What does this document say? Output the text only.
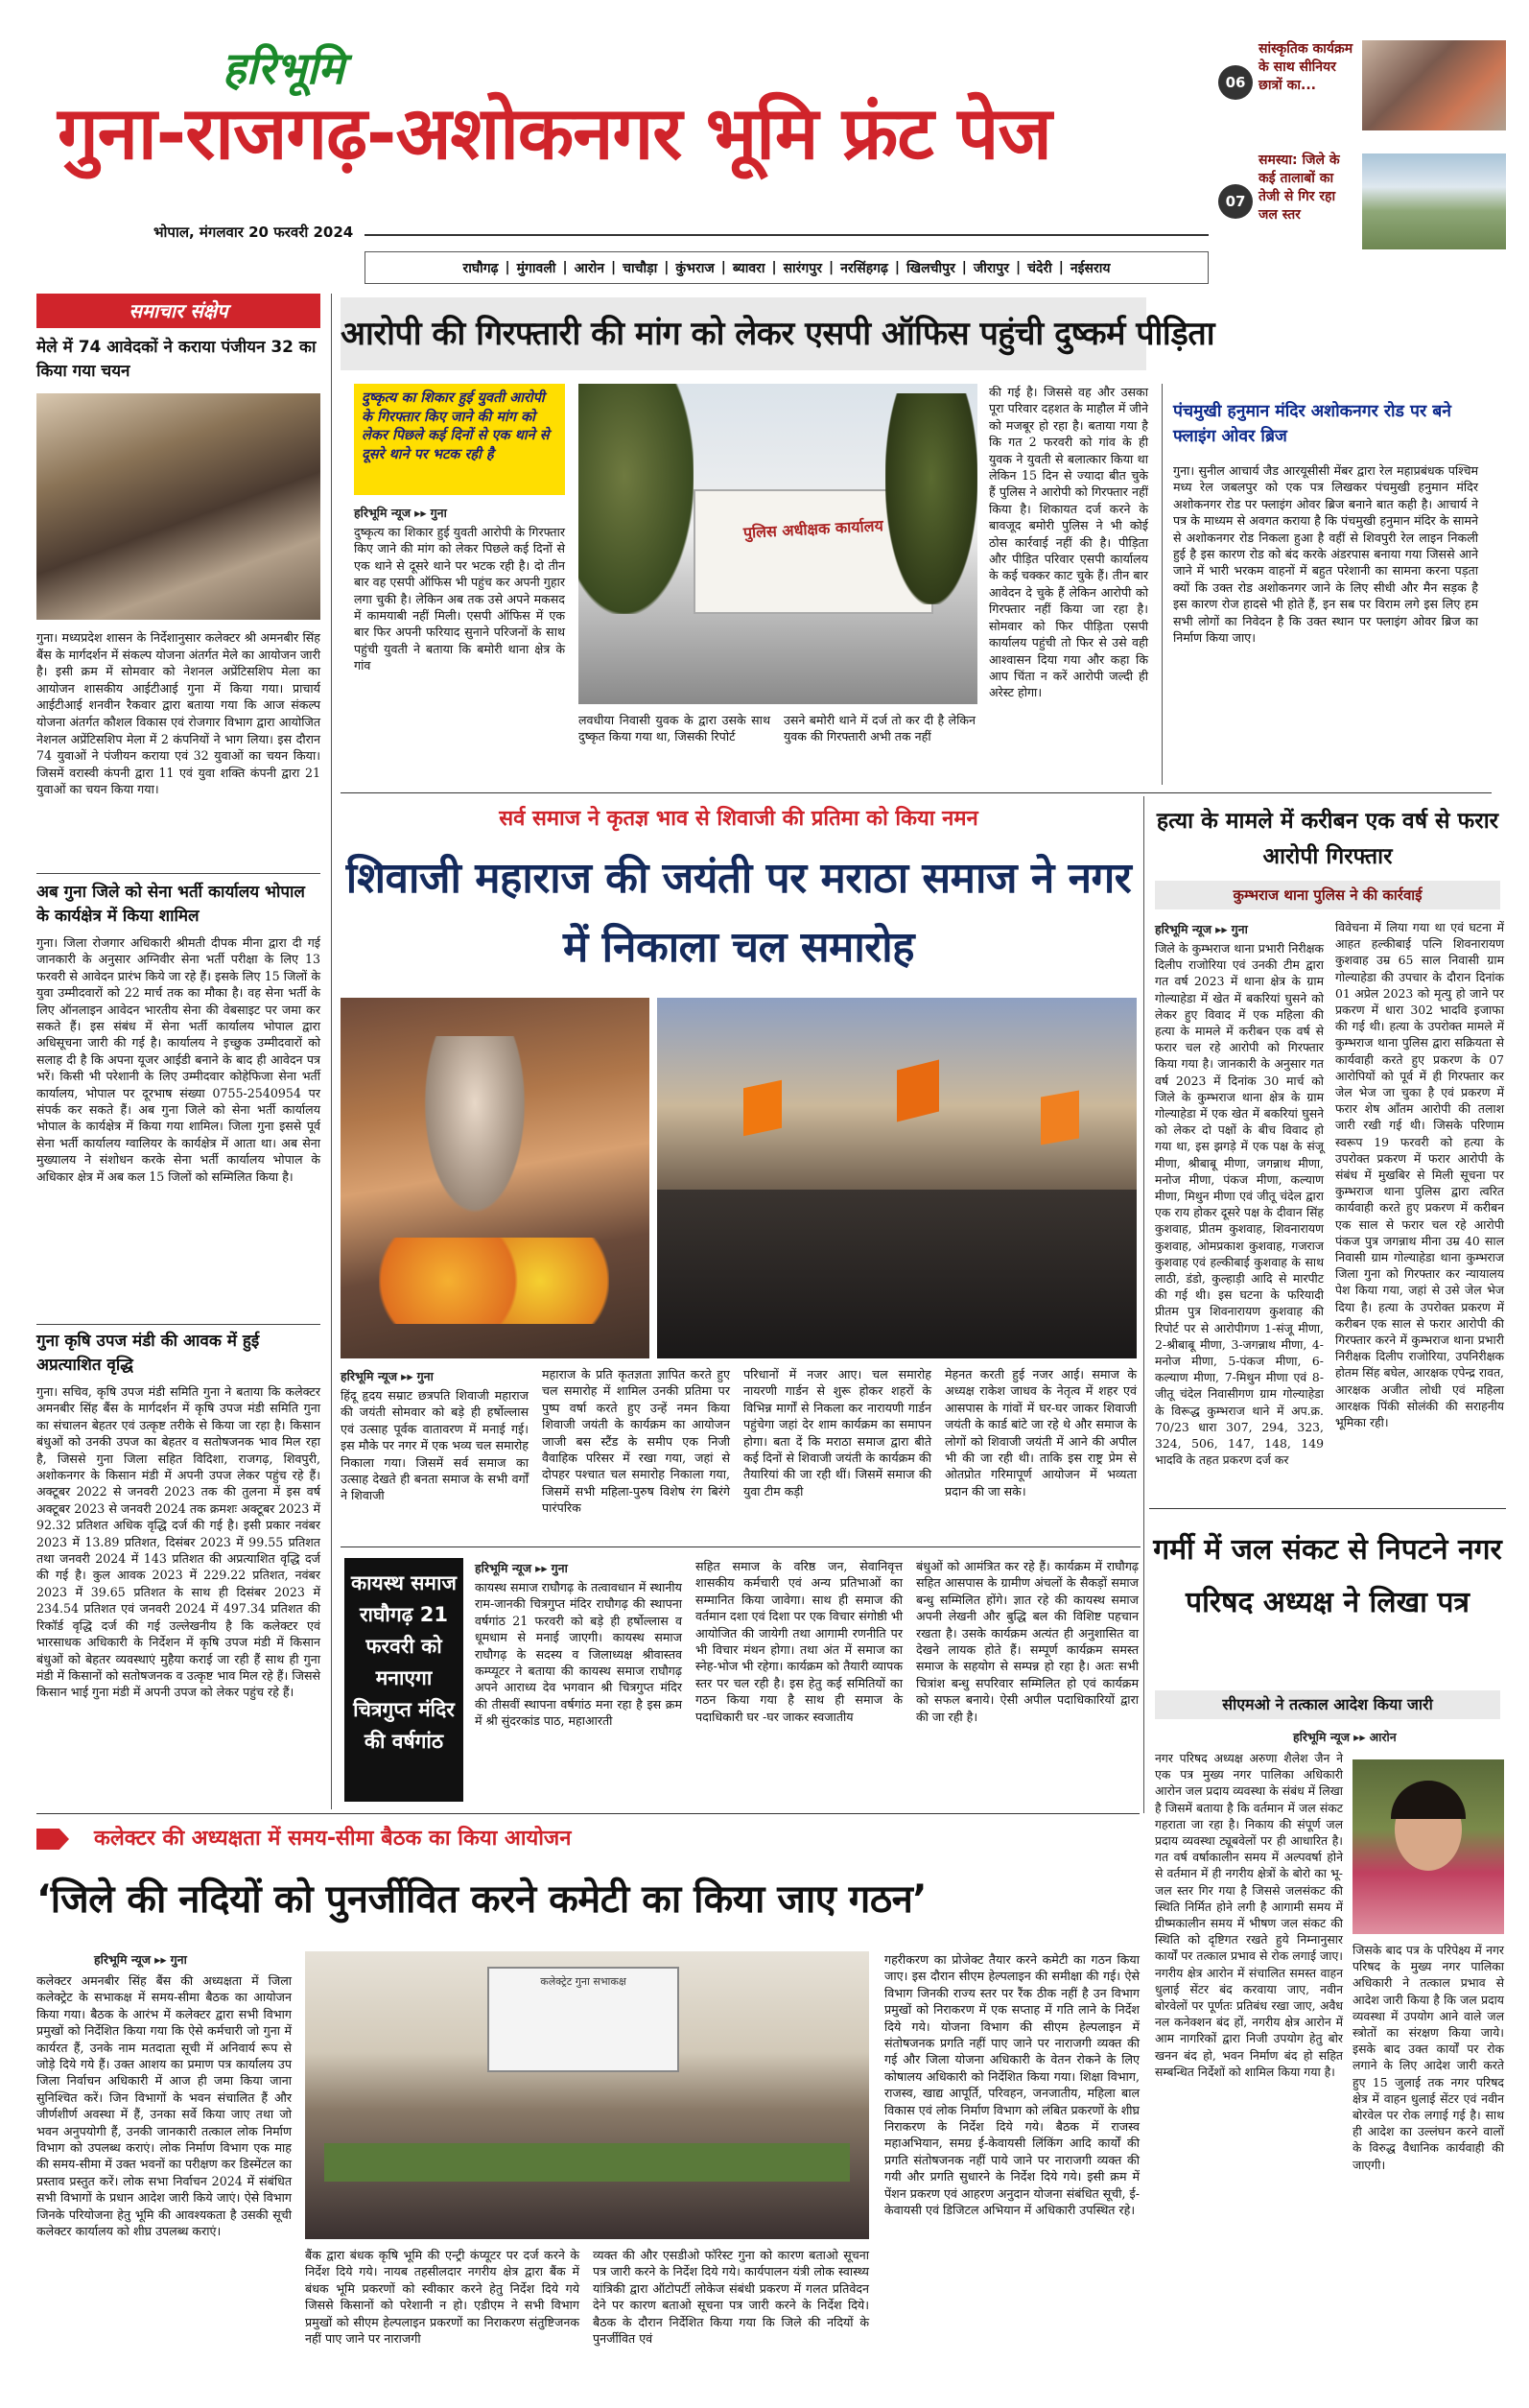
हरिभूमि
गुना-राजगढ़-अशोकनगर भूमि फ्रंट पेज
भोपाल, मंगलवार 20 फरवरी 2024
राघौगढ़ | मुंगावली | आरोन | चाचौड़ा | कुंभराज | ब्यावरा | सारंगपुर | नरसिंहगढ़ | खिलचीपुर | जीरापुर | चंदेरी | नईसराय
06
सांस्कृतिक कार्यक्रम के साथ सीनियर छात्रों का...
07
समस्या: जिले के कई तालाबों का तेजी से गिर रहा जल स्तर
समाचार संक्षेप
मेले में 74 आवेदकों ने कराया पंजीयन 32 का किया गया चयन
गुना। मध्यप्रदेश शासन के निर्देशानुसार कलेक्टर श्री अमनबीर सिंह बैंस के मार्गदर्शन में संकल्प योजना अंतर्गत मेले का आयोजन जारी है। इसी क्रम में सोमवार को नेशनल अप्रेंटिसशिप मेला का आयोजन शासकीय आईटीआई गुना में किया गया। प्राचार्य आईटीआई शनवीन रैकवार द्वारा बताया गया कि आज संकल्प योजना अंतर्गत कौशल विकास एवं रोजगार विभाग द्वारा आयोजित नेशनल अप्रेंटिसशिप मेला में 2 कंपनियों ने भाग लिया। इस दौरान 74 युवाओं ने पंजीयन कराया एवं 32 युवाओं का चयन किया। जिसमें वरास्वी कंपनी द्वारा 11 एवं युवा शक्ति कंपनी द्वारा 21 युवाओं का चयन किया गया।
अब गुना जिले को सेना भर्ती कार्यालय भोपाल के कार्यक्षेत्र में किया शामिल
गुना। जिला रोजगार अधिकारी श्रीमती दीपक मीना द्वारा दी गई जानकारी के अनुसार अग्निवीर सेना भर्ती परीक्षा के लिए 13 फरवरी से आवेदन प्रारंभ किये जा रहे हैं। इसके लिए 15 जिलों के युवा उम्मीदवारों को 22 मार्च तक का मौका है। वह सेना भर्ती के लिए ऑनलाइन आवेदन भारतीय सेना की वेबसाइट पर जमा कर सकते हैं। इस संबंध में सेना भर्ती कार्यालय भोपाल द्वारा अधिसूचना जारी की गई है। कार्यालय ने इच्छुक उम्मीदवारों को सलाह दी है कि अपना यूजर आईडी बनाने के बाद ही आवेदन पत्र भरें। किसी भी परेशानी के लिए उम्मीदवार कोहेफिजा सेना भर्ती कार्यालय, भोपाल पर दूरभाष संख्या 0755-2540954 पर संपर्क कर सकते हैं। अब गुना जिले को सेना भर्ती कार्यालय भोपाल के कार्यक्षेत्र में किया गया शामिल। जिला गुना इससे पूर्व सेना भर्ती कार्यालय ग्वालियर के कार्यक्षेत्र में आता था। अब सेना मुख्यालय ने संशोधन करके सेना भर्ती कार्यालय भोपाल के अधिकार क्षेत्र में अब कल 15 जिलों को सम्मिलित किया है।
गुना कृषि उपज मंडी की आवक में हुई अप्रत्याशित वृद्धि
गुना। सचिव, कृषि उपज मंडी समिति गुना ने बताया कि कलेक्टर अमनबीर सिंह बैंस के मार्गदर्शन में कृषि उपज मंडी समिति गुना का संचालन बेहतर एवं उत्कृष्ट तरीके से किया जा रहा है। किसान बंधुओं को उनकी उपज का बेहतर व सतोषजनक भाव मिल रहा है, जिससे गुना जिला सहित विदिशा, राजगढ़, शिवपुरी, अशोकनगर के किसान मंडी में अपनी उपज लेकर पहुंच रहे हैं। अक्टूबर 2022 से जनवरी 2023 तक की तुलना में इस वर्ष अक्टूबर 2023 से जनवरी 2024 तक क्रमशः अक्टूबर 2023 में 92.32 प्रतिशत अधिक वृद्धि दर्ज की गई है। इसी प्रकार नवंबर 2023 में 13.89 प्रतिशत, दिसंबर 2023 में 99.55 प्रतिशत तथा जनवरी 2024 में 143 प्रतिशत की अप्रत्याशित वृद्धि दर्ज की गई है। कुल आवक 2023 में 229.22 प्रतिशत, नवंबर 2023 में 39.65 प्रतिशत के साथ ही दिसंबर 2023 में 234.54 प्रतिशत एवं जनवरी 2024 में 497.34 प्रतिशत की रिकॉर्ड वृद्धि दर्ज की गई उल्लेखनीय है कि कलेक्टर एवं भारसाधक अधिकारी के निर्देशन में कृषि उपज मंडी में किसान बंधुओं को बेहतर व्यवस्थाएं मुहैया कराई जा रही हैं साथ ही गुना मंडी में किसानों को सतोषजनक व उत्कृष्ट भाव मिल रहे हैं। जिससे किसान भाई गुना मंडी में अपनी उपज को लेकर पहुंच रहे हैं।
आरोपी की गिरफ्तारी की मांग को लेकर एसपी ऑफिस पहुंची दुष्कर्म पीड़िता
दुष्कृत्य का शिकार हुई युवती आरोपी के गिरफ्तार किए जाने की मांग को लेकर पिछले कई दिनों से एक थाने से दूसरे थाने पर भटक रही है
हरिभूमि न्यूज ▸▸ गुना
दुष्कृत्य का शिकार हुई युवती आरोपी के गिरफ्तार किए जाने की मांग को लेकर पिछले कई दिनों से एक थाने से दूसरे थाने पर भटक रही है। दो तीन बार वह एसपी ऑफिस भी पहुंच कर अपनी गुहार लगा चुकी है। लेकिन अब तक उसे अपने मकसद में कामयाबी नहीं मिली। एसपी ऑफिस में एक बार फिर अपनी फरियाद सुनाने परिजनों के साथ पहुंची युवती ने बताया कि बमोरी थाना क्षेत्र के गांव
पुलिस अधीक्षक कार्यालय
लवधीया निवासी युवक के द्वारा उसके साथ दुष्कृत किया गया था, जिसकी रिपोर्ट
उसने बमोरी थाने में दर्ज तो कर दी है लेकिन युवक की गिरफ्तारी अभी तक नहीं
की गई है। जिससे वह और उसका पूरा परिवार दहशत के माहौल में जीने को मजबूर हो रहा है। बताया गया है कि गत 2 फरवरी को गांव के ही युवक ने युवती से बलात्कार किया था लेकिन 15 दिन से ज्यादा बीत चुके हैं पुलिस ने आरोपी को गिरफ्तार नहीं किया है। शिकायत दर्ज करने के बावजूद बमोरी पुलिस ने भी कोई ठोस कार्रवाई नहीं की है। पीड़िता और पीड़ित परिवार एसपी कार्यालय के कई चक्कर काट चुके हैं। तीन बार आवेदन दे चुके हैं लेकिन आरोपी को गिरफ्तार नहीं किया जा रहा है। सोमवार को फिर पीड़िता एसपी कार्यालय पहुंची तो फिर से उसे वही आश्वासन दिया गया और कहा कि आप चिंता न करें आरोपी जल्दी ही अरेस्ट होगा।
पंचमुखी हनुमान मंदिर अशोकनगर रोड पर बने फ्लाइंग ओवर ब्रिज
गुना। सुनील आचार्य जैड आरयूसीसी मेंबर द्वारा रेल महाप्रबंधक पश्चिम मध्य रेल जबलपुर को एक पत्र लिखकर पंचमुखी हनुमान मंदिर अशोकनगर रोड पर फ्लाइंग ओवर ब्रिज बनाने बात कही है। आचार्य ने पत्र के माध्यम से अवगत कराया है कि पंचमुखी हनुमान मंदिर के सामने से अशोकनगर रोड निकला हुआ है वहीं से शिवपुरी रेल लाइन निकली हुई है इस कारण रोड को बंद करके अंडरपास बनाया गया जिससे आने जाने में भारी भरकम वाहनों में बहुत परेशानी का सामना करना पड़ता क्यों कि उक्त रोड अशोकनगर जाने के लिए सीधी और मैन सड़क है इस कारण रोज हादसे भी होते हैं, इन सब पर विराम लगे इस लिए हम सभी लोगों का निवेदन है कि उक्त स्थान पर फ्लाइंग ओवर ब्रिज का निर्माण किया जाए।
सर्व समाज ने कृतज्ञ भाव से शिवाजी की प्रतिमा को किया नमन
शिवाजी महाराज की जयंती पर मराठा समाज ने नगर में निकाला चल समारोह
हरिभूमि न्यूज ▸▸ गुना
हिंदू हृदय सम्राट छत्रपति शिवाजी महाराज की जयंती सोमवार को बड़े ही हर्षोल्लास एवं उत्साह पूर्वक वातावरण में मनाई गई। इस मौके पर नगर में एक भव्य चल समारोह निकाला गया। जिसमें सर्व समाज का उत्साह देखते ही बनता समाज के सभी वर्गों ने शिवाजी
महाराज के प्रति कृतज्ञता ज्ञापित करते हुए चल समारोह में शामिल उनकी प्रतिमा पर पुष्प वर्षा करते हुए उन्हें नमन किया शिवाजी जयंती के कार्यक्रम का आयोजन जाजी बस स्टैंड के समीप एक निजी वैवाहिक परिसर में रखा गया, जहां से दोपहर पश्चात चल समारोह निकाला गया, जिसमें सभी महिला-पुरुष विशेष रंग बिरंगे पारंपरिक
परिधानों में नजर आए। चल समारोह नायरणी गार्डन से शुरू होकर शहरों के विभिन्न मार्गों से निकला कर नारायणी गार्डन पहुंचेगा जहां देर शाम कार्यक्रम का समापन होगा। बता दें कि मराठा समाज द्वारा बीते कई दिनों से शिवाजी जयंती के कार्यक्रम की तैयारियां की जा रही थीं। जिसमें समाज की युवा टीम कड़ी
मेहनत करती हुई नजर आई। समाज के अध्यक्ष राकेश जाधव के नेतृत्व में शहर एवं आसपास के गांवों में घर-घर जाकर शिवाजी जयंती के कार्ड बांटे जा रहे थे और समाज के लोगों को शिवाजी जयंती में आने की अपील भी की जा रही थी। ताकि इस राष्ट्र प्रेम से ओतप्रोत गरिमापूर्ण आयोजन में भव्यता प्रदान की जा सके।
हत्या के मामले में करीबन एक वर्ष से फरार आरोपी गिरफ्तार
कुम्भराज थाना पुलिस ने की कार्रवाई
हरिभूमि न्यूज ▸▸ गुना
जिले के कुम्भराज थाना प्रभारी निरीक्षक दिलीप राजोरिया एवं उनकी टीम द्वारा गत वर्ष 2023 में थाना क्षेत्र के ग्राम गोल्याहेडा में खेत में बकरियां घुसने को लेकर हुए विवाद में एक महिला की हत्या के मामले में करीबन एक वर्ष से फरार चल रहे आरोपी को गिरफ्तार किया गया है। जानकारी के अनुसार गत वर्ष 2023 में दिनांक 30 मार्च को जिले के कुम्भराज थाना क्षेत्र के ग्राम गोल्याहेडा में एक खेत में बकरियां घुसने को लेकर दो पक्षों के बीच विवाद हो गया था, इस झगड़े में एक पक्ष के संजू मीणा, श्रीबाबू मीणा, जगन्नाथ मीणा, मनोज मीणा, पंकज मीणा, कल्याण मीणा, मिथुन मीणा एवं जीतू चंदेल द्वारा एक राय होकर दूसरे पक्ष के दीवान सिंह कुशवाह, प्रीतम कुशवाह, शिवनारायण कुशवाह, ओमप्रकाश कुशवाह, गजराज कुशवाह एवं हल्कीबाई कुशवाह के साथ लाठी, डंडो, कुल्हाड़ी आदि से मारपीट की गई थी। इस घटना के फरियादी प्रीतम पुत्र शिवनारायण कुशवाह की रिपोर्ट पर से आरोपीगण 1-संजू मीणा, 2-श्रीबाबू मीणा, 3-जगन्नाथ मीणा, 4-मनोज मीणा, 5-पंकज मीणा, 6-कल्याण मीणा, 7-मिथुन मीणा एवं 8-जीतू चंदेल निवासीगण ग्राम गोल्याहेडा के विरूद्ध कुम्भराज थाने में अप.क्र. 70/23 धारा 307, 294, 323, 324, 506, 147, 148, 149 भादवि के तहत प्रकरण दर्ज कर
विवेचना में लिया गया था एवं घटना में आहत हल्कीबाई पत्नि शिवनारायण कुशवाह उम्र 65 साल निवासी ग्राम गोल्याहेडा की उपचार के दौरान दिनांक 01 अप्रेल 2023 को मृत्यु हो जाने पर प्रकरण में धारा 302 भादवि इजाफा की गई थी। हत्या के उपरोक्त मामले में कुम्भराज थाना पुलिस द्वारा सक्रियता से कार्यवाही करते हुए प्रकरण के 07 आरोपियों को पूर्व में ही गिरफ्तार कर जेल भेज जा चुका है एवं प्रकरण में फरार शेष आँतम आरोपी की तलाश जारी रखी गई थी। जिसके परिणाम स्वरूप 19 फरवरी को हत्या के उपरोक्त प्रकरण में फरार आरोपी के संबंध में मुखबिर से मिली सूचना पर कुम्भराज थाना पुलिस द्वारा त्वरित कार्यवाही करते हुए प्रकरण में करीबन एक साल से फरार चल रहे आरोपी पंकज पुत्र जगन्नाथ मीना उम्र 40 साल निवासी ग्राम गोल्याहेडा थाना कुम्भराज जिला गुना को गिरफ्तार कर न्यायालय पेश किया गया, जहां से उसे जेल भेज दिया है। हत्या के उपरोक्त प्रकरण में करीबन एक साल से फरार आरोपी की गिरफ्तार करने में कुम्भराज थाना प्रभारी निरीक्षक दिलीप राजोरिया, उपनिरीक्षक होतम सिंह बघेल, आरक्षक एपेन्द्र रावत, आरक्षक अजीत लोधी एवं महिला आरक्षक पिंकी सोलंकी की सराहनीय भूमिका रही।
कायस्थ समाज राघौगढ़ 21 फरवरी को मनाएगा चित्रगुप्त मंदिर की वर्षगांठ
हरिभूमि न्यूज ▸▸ गुना
कायस्थ समाज राघौगढ़ के तत्वावधान में स्थानीय राम-जानकी चित्रगुप्त मंदिर राघौगढ़ की स्थापना वर्षगांठ 21 फरवरी को बड़े ही हर्षोल्लास व धूमधाम से मनाई जाएगी। कायस्थ समाज राघौगढ़ के सदस्य व जिलाध्यक्ष श्रीवास्तव कम्प्यूटर ने बताया की कायस्थ समाज राघौगढ़ अपने आराध्य देव भगवान श्री चित्रगुप्त मंदिर की तीसवीं स्थापना वर्षगांठ मना रहा है इस क्रम में श्री सुंदरकांड पाठ, महाआरती
सहित समाज के वरिष्ठ जन, सेवानिवृत्त शासकीय कर्मचारी एवं अन्य प्रतिभाओं का सम्मानित किया जावेगा। साथ ही समाज की वर्तमान दशा एवं दिशा पर एक विचार संगोष्ठी भी आयोजित की जायेगी तथा आगामी रणनीति पर भी विचार मंथन होगा। तथा अंत में समाज का स्नेह-भोज भी रहेगा। कार्यक्रम को तैयारी व्यापक स्तर पर चल रही है। इस हेतु कई समितियों का गठन किया गया है साथ ही समाज के पदाधिकारी घर -घर जाकर स्वजातीय
बंधुओं को आमंत्रित कर रहे हैं। कार्यक्रम में राघौगढ़ सहित आसपास के ग्रामीण अंचलों के सैकड़ों समाज बन्धु सम्मिलित होंगे। ज्ञात रहे की कायस्थ समाज अपनी लेखनी और बुद्धि बल की विशिष्ट पहचान रखता है। उसके कार्यक्रम अत्यंत ही अनुशासित वा देखने लायक होते हैं। सम्पूर्ण कार्यक्रम समस्त समाज के सहयोग से सम्पन्न हो रहा है। अतः सभी चित्रांश बन्धु सपरिवार सम्मिलित हो एवं कार्यक्रम को सफल बनाये। ऐसी अपील पदाधिकारियों द्वारा की जा रही है।
गर्मी में जल संकट से निपटने नगर परिषद अध्यक्ष ने लिखा पत्र
सीएमओ ने तत्काल आदेश किया जारी
हरिभूमि न्यूज ▸▸ आरोन
नगर परिषद अध्यक्ष अरुणा शैलेश जैन ने एक पत्र मुख्य नगर पालिका अधिकारी आरोन जल प्रदाय व्यवस्था के संबंध में लिखा है जिसमें बताया है कि वर्तमान में जल संकट गहराता जा रहा है। निकाय की संपूर्ण जल प्रदाय व्यवस्था ट्यूबवेलों पर ही आधारित है। गत वर्ष वर्षाकालीन समय में अल्पवर्षा होने से वर्तमान में ही नगरीय क्षेत्रों के बोरो का भू-जल स्तर गिर गया है जिससे जलसंकट की स्थिति निर्मित होने लगी है आगामी समय में ग्रीष्मकालीन समय में भीषण जल संकट की स्थिति को दृष्टिगत रखते हुये निम्नानुसार कार्यों पर तत्काल प्रभाव से रोक लगाई जाए। नगरीय क्षेत्र आरोन में संचालित समस्त वाहन धुलाई सेंटर बंद करवाया जाए, नवीन बोरवेलों पर पूर्णतः प्रतिबंध रखा जाए, अवैध नल कनेक्शन बंद हों, नगरीय क्षेत्र आरोन में आम नागरिकों द्वारा निजी उपयोग हेतु बोर खनन बंद हो, भवन निर्माण बंद हो सहित सम्बन्धित निर्देशों को शामिल किया गया है।
जिसके बाद पत्र के परिपेक्ष्य में नगर परिषद के मुख्य नगर पालिका अधिकारी ने तत्काल प्रभाव से आदेश जारी किया है कि जल प्रदाय व्यवस्था में उपयोग आने वाले जल स्त्रोतों का संरक्षण किया जाये। इसके बाद उक्त कार्यों पर रोक लगाने के लिए आदेश जारी करते हुए 15 जुलाई तक नगर परिषद क्षेत्र में वाहन धुलाई सेंटर एवं नवीन बोरवेल पर रोक लगाई गई है। साथ ही आदेश का उल्लंघन करने वालों के विरुद्ध वैधानिक कार्यवाही की जाएगी।
कलेक्टर की अध्यक्षता में समय-सीमा बैठक का किया आयोजन
‘जिले की नदियों को पुनर्जीवित करने कमेटी का किया जाए गठन’
हरिभूमि न्यूज ▸▸ गुना
कलेक्टर अमनबीर सिंह बैंस की अध्यक्षता में जिला कलेक्ट्रेट के सभाकक्ष में समय-सीमा बैठक का आयोजन किया गया। बैठक के आरंभ में कलेक्टर द्वारा सभी विभाग प्रमुखों को निर्देशित किया गया कि ऐसे कर्मचारी जो गुना में कार्यरत हैं, उनके नाम मतदाता सूची में अनिवार्य रूप से जोड़े दिये गये हैं। उक्त आशय का प्रमाण पत्र कार्यालय उप जिला निर्वाचन अधिकारी में आज ही जमा किया जाना सुनिश्चित करें। जिन विभागों के भवन संचालित हैं और जीर्णशीर्ण अवस्था में हैं, उनका सर्वे किया जाए तथा जो भवन अनुपयोगी हैं, उनकी जानकारी तत्काल लोक निर्माण विभाग को उपलब्ध कराएं। लोक निर्माण विभाग एक माह की समय-सीमा में उक्त भवनों का परीक्षण कर डिस्मेंटल का प्रस्ताव प्रस्तुत करें। लोक सभा निर्वाचन 2024 में संबंधित सभी विभागों के प्रधान आदेश जारी किये जाएं। ऐसे विभाग जिनके परियोजना हेतु भूमि की आवश्यकता है उसकी सूची कलेक्टर कार्यालय को शीघ्र उपलब्ध कराएं।
कलेक्ट्रेट गुना सभाकक्ष
बैंक द्वारा बंधक कृषि भूमि की एन्ट्री कंप्यूटर पर दर्ज करने के निर्देश दिये गये। नायब तहसीलदार नगरीय क्षेत्र द्वारा बैंक में बंधक भूमि प्रकरणों को स्वीकार करने हेतु निर्देश दिये गये जिससे किसानों को परेशानी न हो। एडीएम ने सभी विभाग प्रमुखों को सीएम हेल्पलाइन प्रकरणों का निराकरण संतुष्टिजनक नहीं पाए जाने पर नाराजगी
व्यक्त की और एसडीओ फॉरेस्ट गुना को कारण बताओ सूचना पत्र जारी करने के निर्देश दिये गये। कार्यपालन यंत्री लोक स्वास्थ्य यांत्रिकी द्वारा ऑटोपर्टी लोकेज संबंधी प्रकरण में गलत प्रतिवेदन देने पर कारण बताओ सूचना पत्र जारी करने के निर्देश दिये। बैठक के दौरान निर्देशित किया गया कि जिले की नदियों के पुनर्जीवित एवं
गहरीकरण का प्रोजेक्ट तैयार करने कमेटी का गठन किया जाए। इस दौरान सीएम हेल्पलाइन की समीक्षा की गई। ऐसे विभाग जिनकी राज्य स्तर पर रैंक ठीक नहीं है उन विभाग प्रमुखों को निराकरण में एक सप्ताह में गति लाने के निर्देश दिये गये। योजना विभाग की सीएम हेल्पलाइन में संतोषजनक प्रगति नहीं पाए जाने पर नाराजगी व्यक्त की गई और जिला योजना अधिकारी के वेतन रोकने के लिए कोषालय अधिकारी को निर्देशित किया गया। शिक्षा विभाग, राजस्व, खाद्य आपूर्ति, परिवहन, जनजातीय, महिला बाल विकास एवं लोक निर्माण विभाग को लंबित प्रकरणों के शीघ्र निराकरण के निर्देश दिये गये। बैठक में राजस्व महाअभियान, समग्र ई-केवायसी लिंकिंग आदि कार्यों की प्रगति संतोषजनक नहीं पाये जाने पर नाराजगी व्यक्त की गयी और प्रगति सुधारने के निर्देश दिये गये। इसी क्रम में पेंशन प्रकरण एवं आहरण अनुदान योजना संबंधित सूची, ई-केवायसी एवं डिजिटल अभियान में अधिकारी उपस्थित रहे।
